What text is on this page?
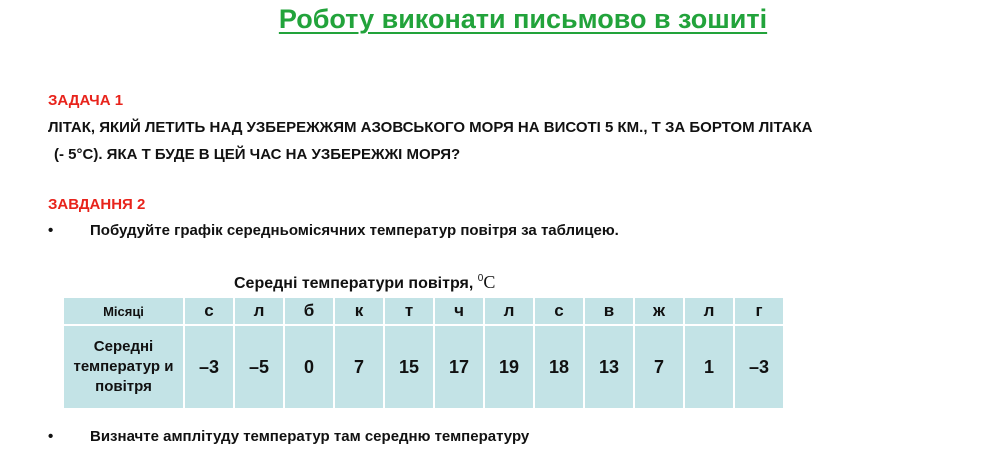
Роботу виконати письмово в зошиті
ЗАДАЧА 1
ЛІТАК, ЯКИЙ ЛЕТИТЬ НАД УЗБЕРЕЖЖЯМ АЗОВСЬКОГО МОРЯ НА ВИСОТІ 5 КМ., Т ЗА БОРТОМ ЛІТАКА
(- 5°С). ЯКА Т БУДЕ В ЦЕЙ ЧАС НА УЗБЕРЕЖЖІ МОРЯ?
ЗАВДАННЯ 2
• Побудуйте графік середньомісячних температур повітря за таблицею.
Середні температури повітря, $^0$С
Місяці	с	л	б	к	т	ч	л	с	в	ж	л	г
Середні температур и повітря	–3	–5	0	7	15	17	19	18	13	7	1	–3
• Визначте амплітуду температур там середню температуру
